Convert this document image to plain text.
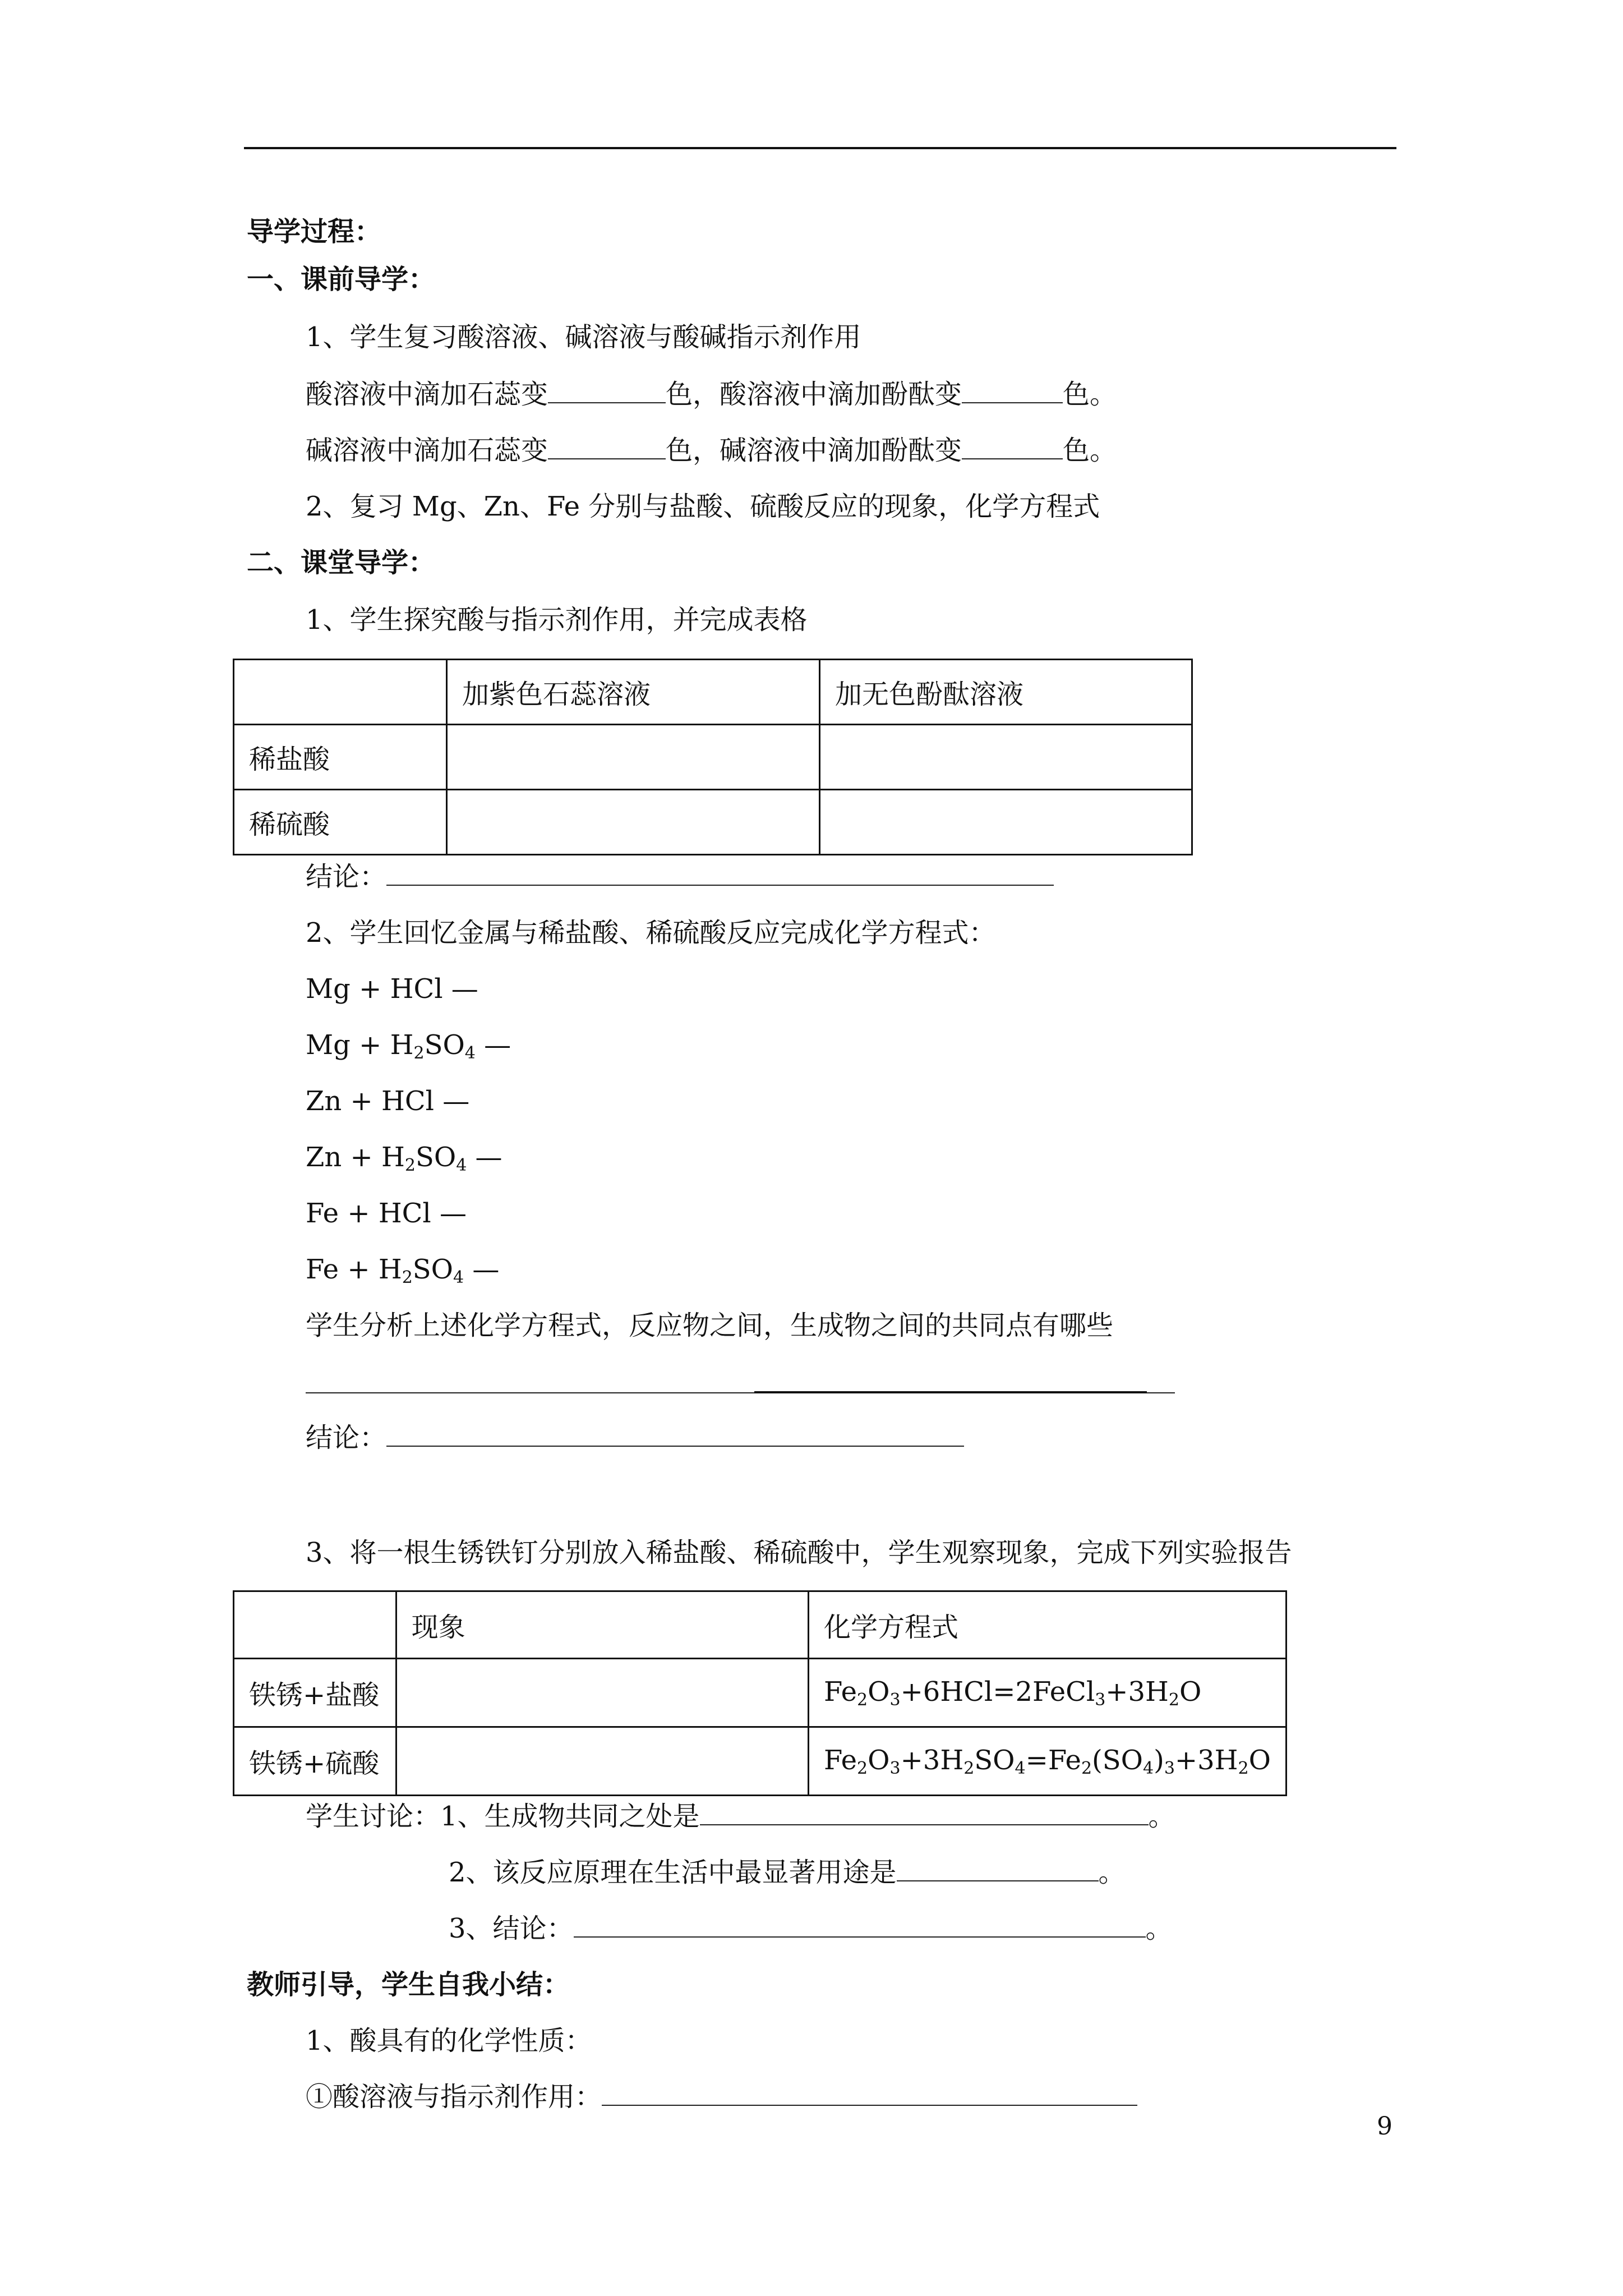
导学过程：
一、课前导学：
1、学生复习酸溶液、碱溶液与酸碱指示剂作用
酸溶液中滴加石蕊变	色，酸溶液中滴加酚酞变	色。
碱溶液中滴加石蕊变	色，碱溶液中滴加酚酞变	色。
2、复习 Mg、Zn、Fe 分别与盐酸、硫酸反应的现象，化学方程式
二、课堂导学：
1、学生探究酸与指示剂作用，并完成表格
	加紫色石蕊溶液	加无色酚酞溶液
稀盐酸		
稀硫酸		
结论：
2、学生回忆金属与稀盐酸、稀硫酸反应完成化学方程式：
Mg + HCl —
$Mg + H_2SO_4$ —
Zn + HCl —
$Zn + H_2SO_4$ —
Fe + HCl —
$Fe + H_2SO_4$ —
学生分析上述化学方程式，反应物之间，生成物之间的共同点有哪些
结论：
3、将一根生锈铁钉分别放入稀盐酸、稀硫酸中，学生观察现象，完成下列实验报告
	现象	化学方程式
铁锈+盐酸		$Fe_2O_3+6HCl=2FeCl_3+3H_2O$
铁锈+硫酸		$Fe_2O_3+3H_2SO_4=Fe_2(SO_4)_3+3H_2O$
学生讨论：1、生成物共同之处是	。
2、该反应原理在生活中最显著用途是	。
3、结论：	。
教师引导，学生自我小结：
1、酸具有的化学性质：
①酸溶液与指示剂作用：
9
